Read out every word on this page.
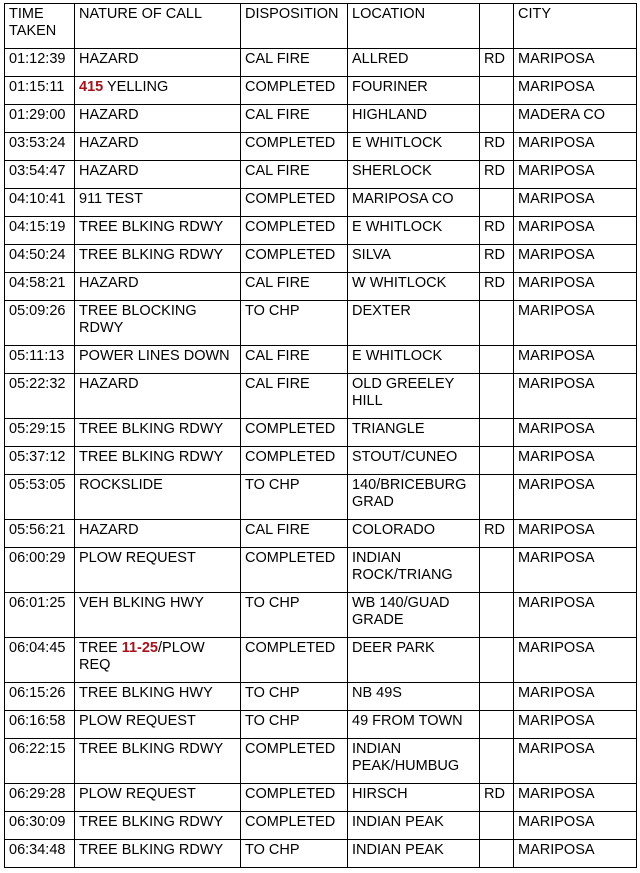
TIME TAKEN	NATURE OF CALL	DISPOSITION	LOCATION		CITY
01:12:39	HAZARD	CAL FIRE	ALLRED	RD	MARIPOSA
01:15:11	415 YELLING	COMPLETED	FOURINER		MARIPOSA
01:29:00	HAZARD	CAL FIRE	HIGHLAND		MADERA CO
03:53:24	HAZARD	COMPLETED	E WHITLOCK	RD	MARIPOSA
03:54:47	HAZARD	CAL FIRE	SHERLOCK	RD	MARIPOSA
04:10:41	911 TEST	COMPLETED	MARIPOSA CO		MARIPOSA
04:15:19	TREE BLKING RDWY	COMPLETED	E WHITLOCK	RD	MARIPOSA
04:50:24	TREE BLKING RDWY	COMPLETED	SILVA	RD	MARIPOSA
04:58:21	HAZARD	CAL FIRE	W WHITLOCK	RD	MARIPOSA
05:09:26	TREE BLOCKING RDWY	TO CHP	DEXTER		MARIPOSA
05:11:13	POWER LINES DOWN	CAL FIRE	E WHITLOCK		MARIPOSA
05:22:32	HAZARD	CAL FIRE	OLD GREELEY HILL		MARIPOSA
05:29:15	TREE BLKING RDWY	COMPLETED	TRIANGLE		MARIPOSA
05:37:12	TREE BLKING RDWY	COMPLETED	STOUT/CUNEO		MARIPOSA
05:53:05	ROCKSLIDE	TO CHP	140/BRICEBURG GRAD		MARIPOSA
05:56:21	HAZARD	CAL FIRE	COLORADO	RD	MARIPOSA
06:00:29	PLOW REQUEST	COMPLETED	INDIAN ROCK/TRIANG		MARIPOSA
06:01:25	VEH BLKING HWY	TO CHP	WB 140/GUAD GRADE		MARIPOSA
06:04:45	TREE 11-25/PLOW REQ	COMPLETED	DEER PARK		MARIPOSA
06:15:26	TREE BLKING HWY	TO CHP	NB 49S		MARIPOSA
06:16:58	PLOW REQUEST	TO CHP	49 FROM TOWN		MARIPOSA
06:22:15	TREE BLKING RDWY	COMPLETED	INDIAN PEAK/HUMBUG		MARIPOSA
06:29:28	PLOW REQUEST	COMPLETED	HIRSCH	RD	MARIPOSA
06:30:09	TREE BLKING RDWY	COMPLETED	INDIAN PEAK		MARIPOSA
06:34:48	TREE BLKING RDWY	TO CHP	INDIAN PEAK		MARIPOSA
